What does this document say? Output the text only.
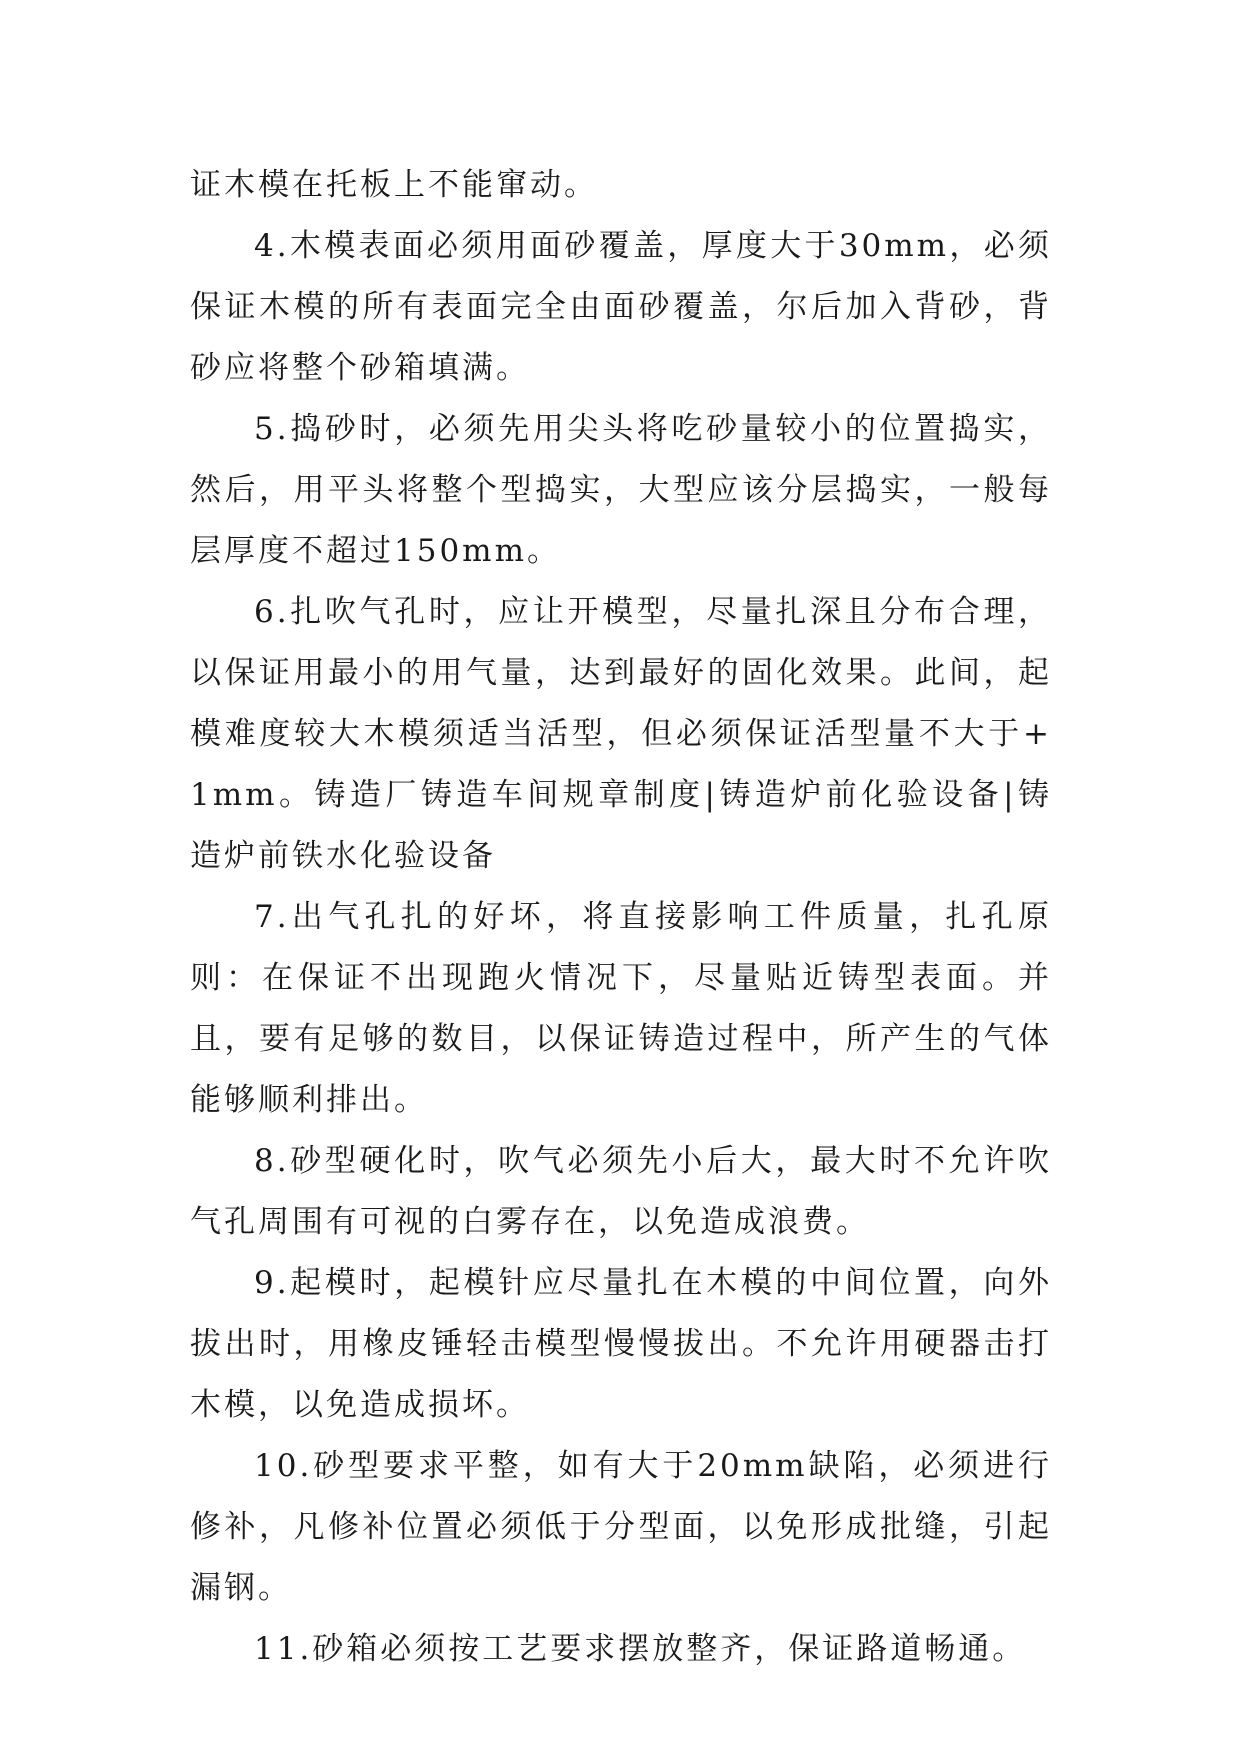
证木模在托板上不能窜动。

4.木模表面必须用面砂覆盖，厚度大于30mm，必须保证木模的所有表面完全由面砂覆盖，尔后加入背砂，背砂应将整个砂箱填满。

5.捣砂时，必须先用尖头将吃砂量较小的位置捣实，然后，用平头将整个型捣实，大型应该分层捣实，一般每层厚度不超过150mm。

6.扎吹气孔时，应让开模型，尽量扎深且分布合理，以保证用最小的用气量，达到最好的固化效果。此间，起模难度较大木模须适当活型，但必须保证活型量不大于+1mm。铸造厂铸造车间规章制度|铸造炉前化验设备|铸造炉前铁水化验设备

7.出气孔扎的好坏，将直接影响工件质量，扎孔原则：在保证不出现跑火情况下，尽量贴近铸型表面。并且，要有足够的数目，以保证铸造过程中，所产生的气体能够顺利排出。

8.砂型硬化时，吹气必须先小后大，最大时不允许吹气孔周围有可视的白雾存在，以免造成浪费。

9.起模时，起模针应尽量扎在木模的中间位置，向外拔出时，用橡皮锤轻击模型慢慢拔出。不允许用硬器击打木模，以免造成损坏。

10.砂型要求平整，如有大于20mm缺陷，必须进行修补，凡修补位置必须低于分型面，以免形成批缝，引起漏钢。

11.砂箱必须按工艺要求摆放整齐，保证路道畅通。
